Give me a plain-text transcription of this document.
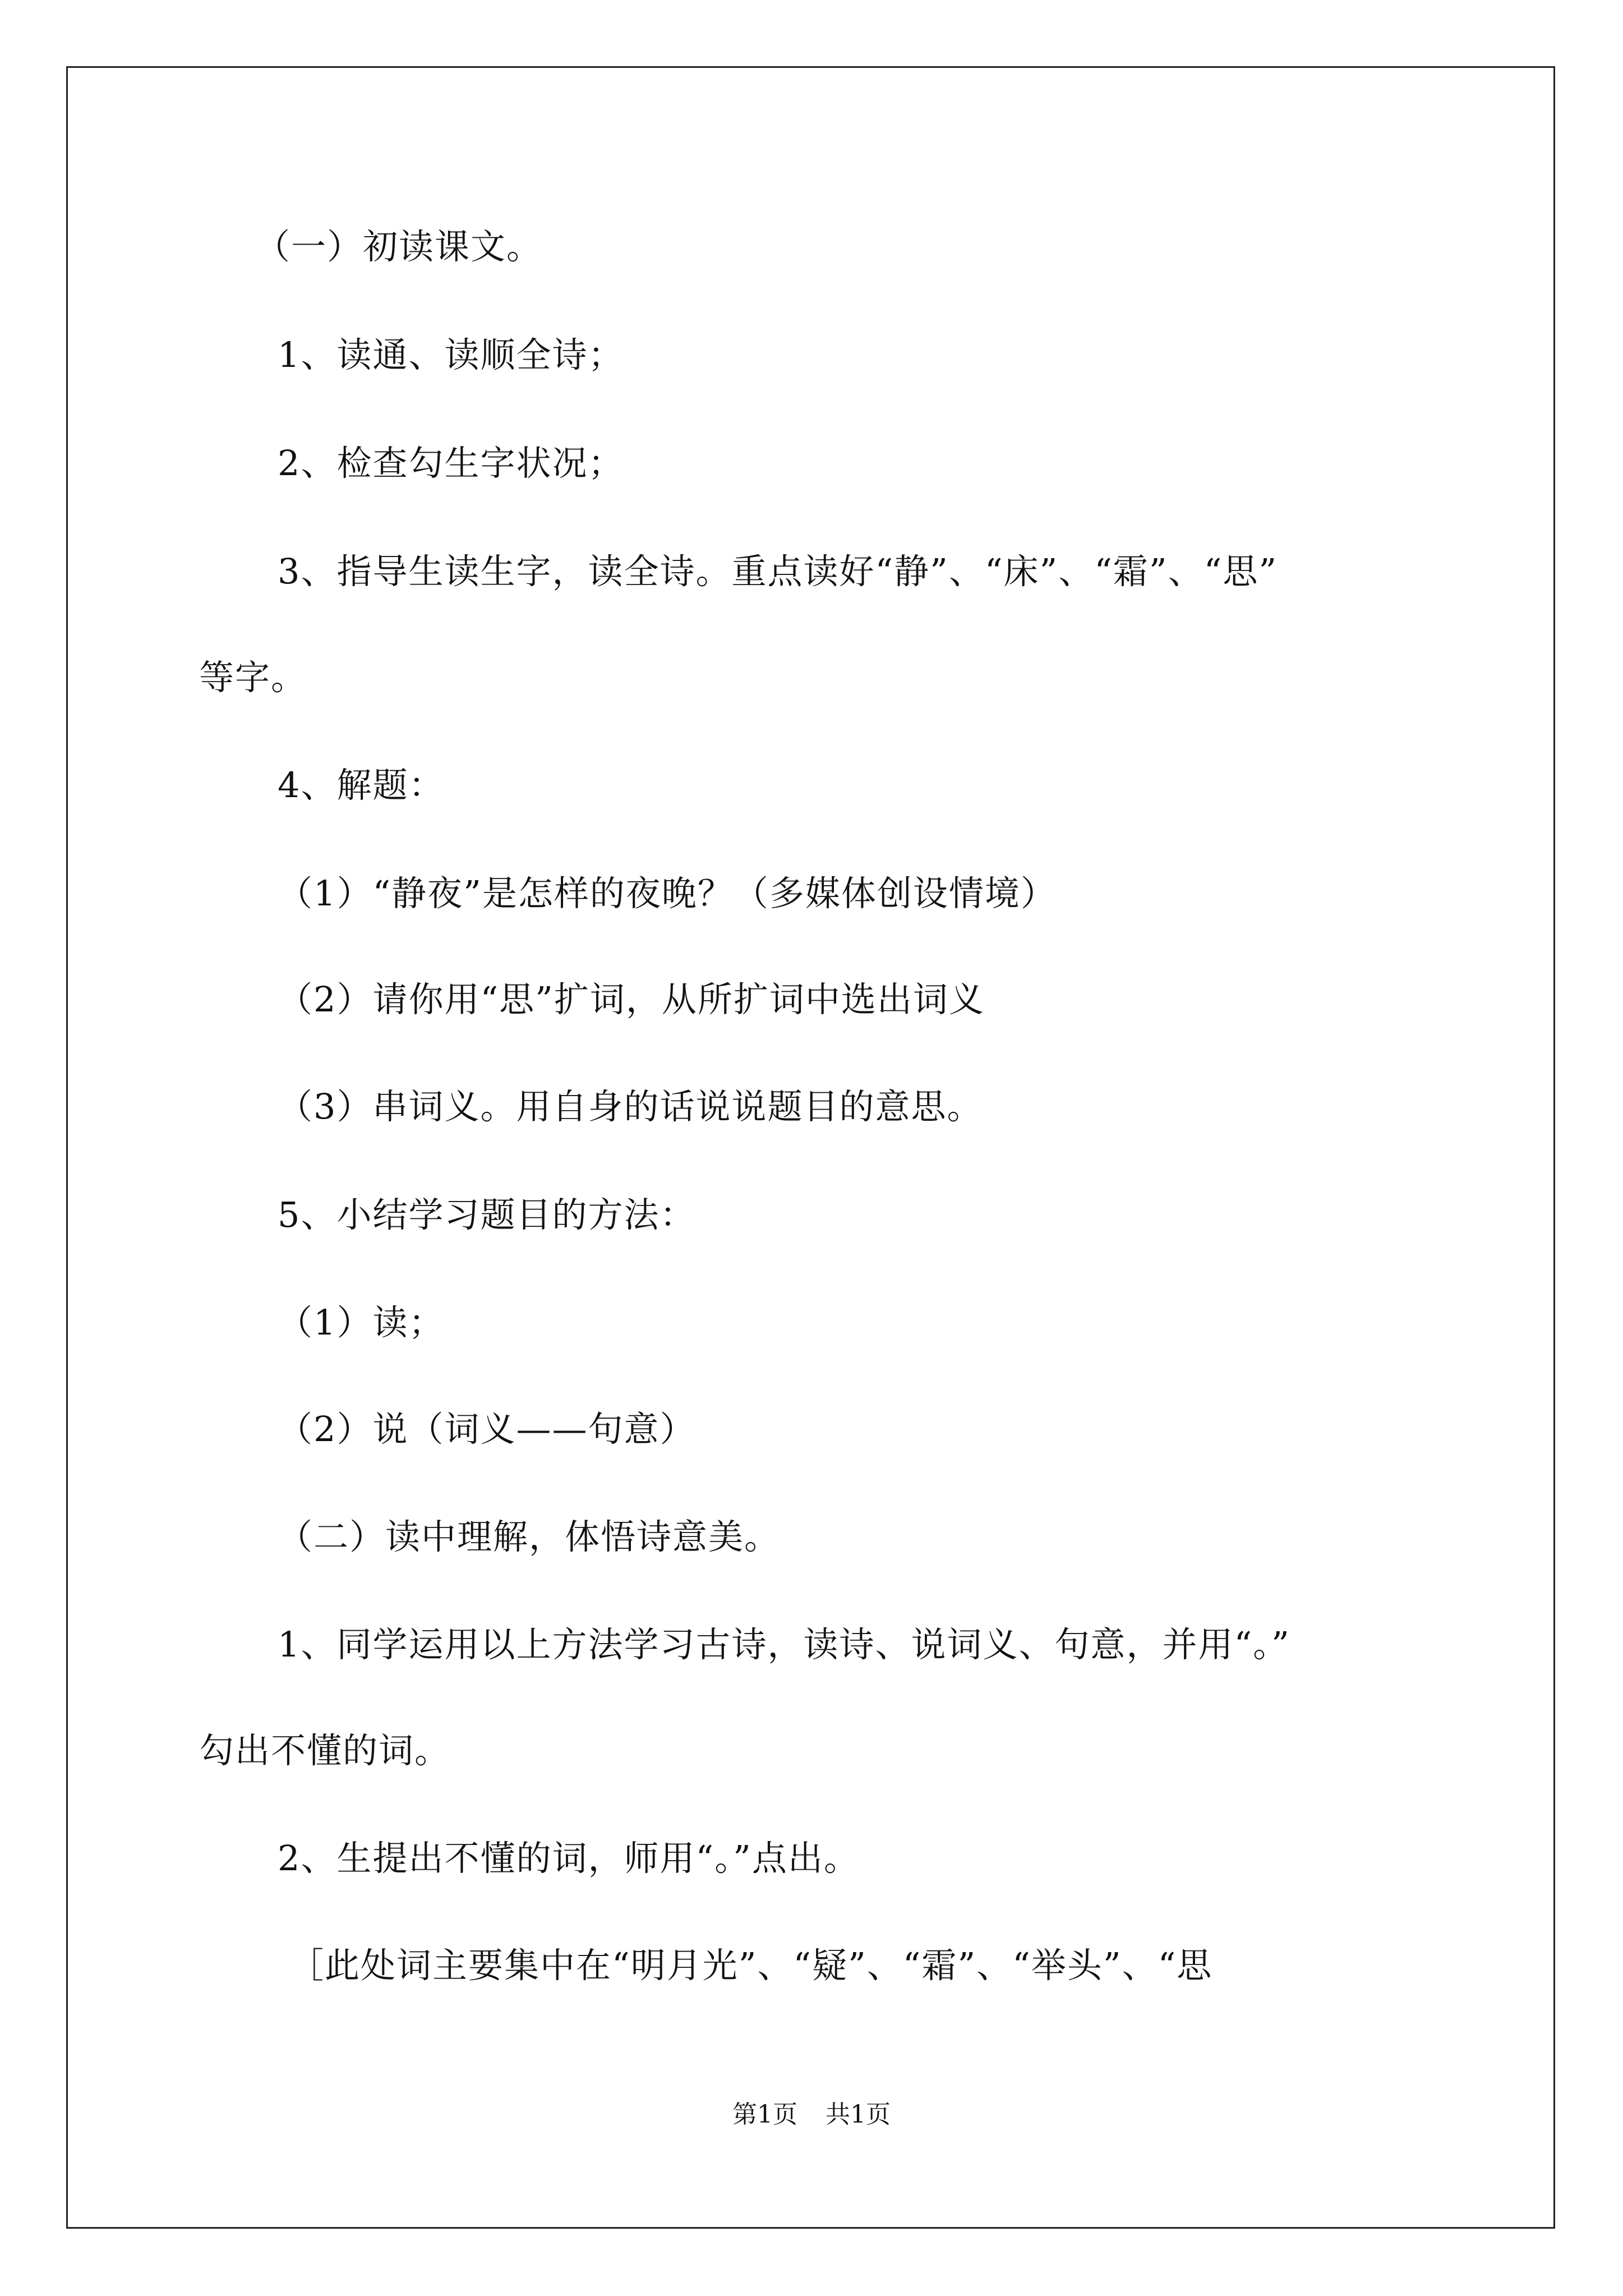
（一）初读课文。
1、读通、读顺全诗；
2、检查勾生字状况；
3、指导生读生字，读全诗。重点读好“静”、“床”、“霜”、“思”
等字。
4、解题：
（1）“静夜”是怎样的夜晚？（多媒体创设情境）
（2）请你用“思”扩词，从所扩词中选出词义
（3）串词义。用自身的话说说题目的意思。
5、小结学习题目的方法：
（1）读；
（2）说（词义——句意）
（二）读中理解，体悟诗意美。
1、同学运用以上方法学习古诗，读诗、说词义、句意，并用“。”
勾出不懂的词。
2、生提出不懂的词，师用“。”点出。
［此处词主要集中在“明月光”、“疑”、“霜”、“举头”、“思
第1页 共1页
